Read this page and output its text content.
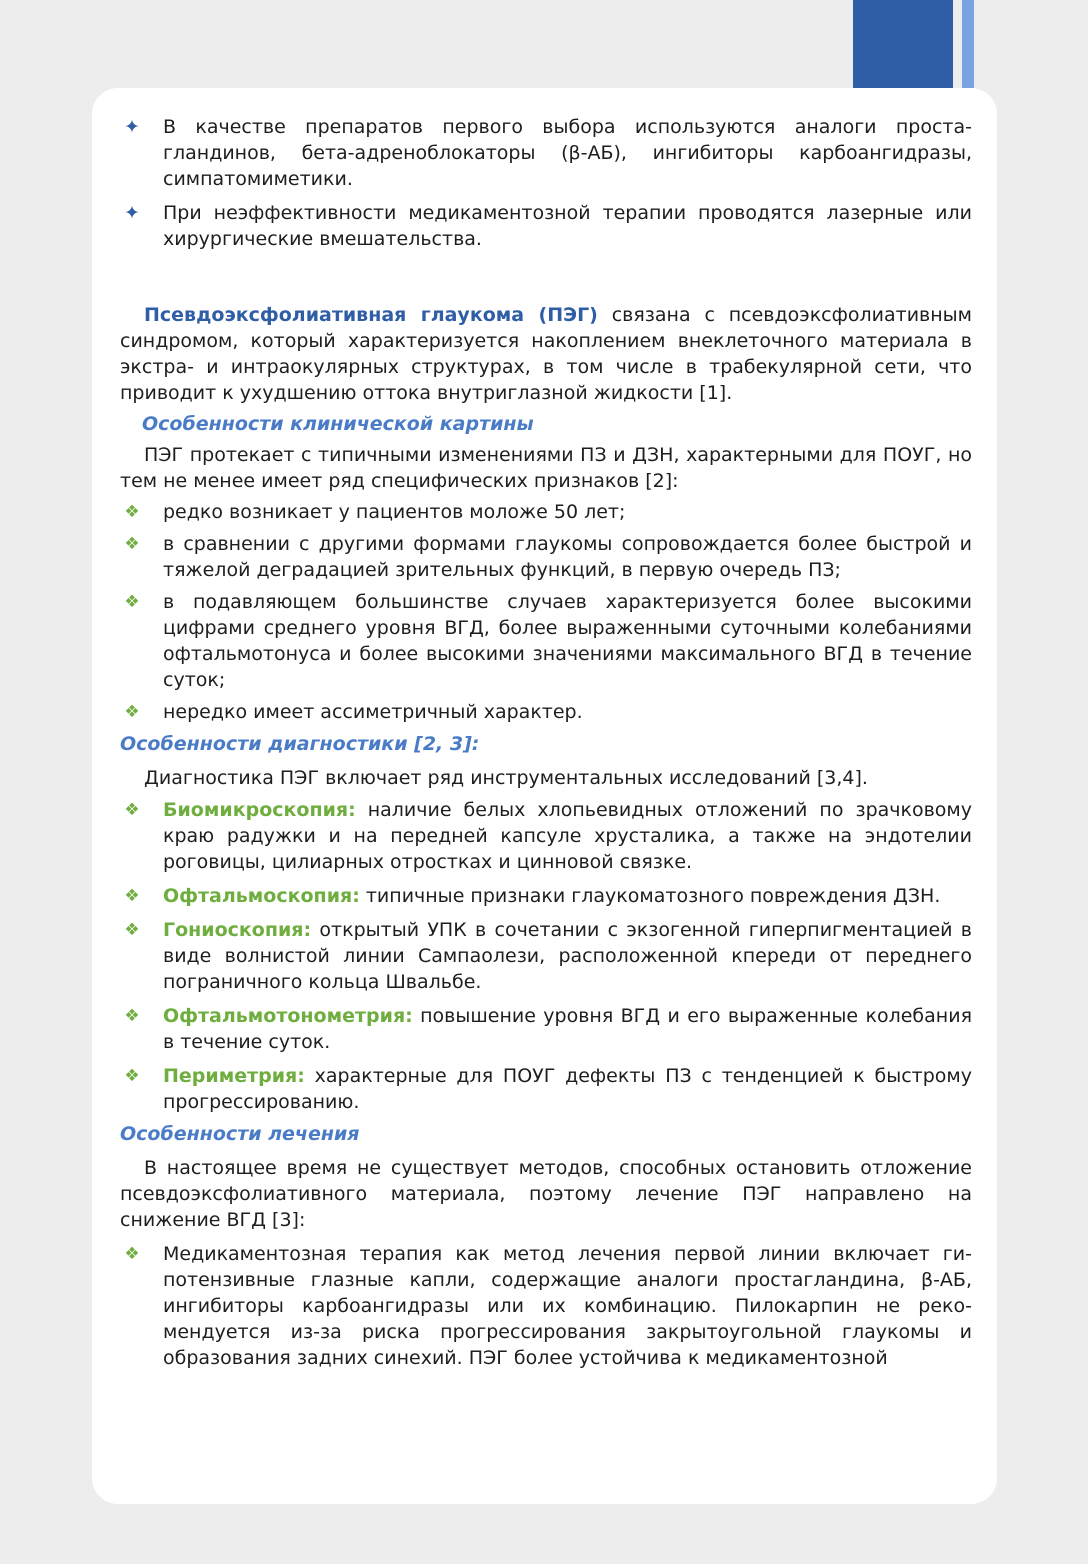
✦ В качестве препаратов первого выбора используются аналоги простагландинов, бета-адреноблокаторы (β-АБ), ингибиторы карбоангидразы, симпатомиметики.
✦ При неэффективности медикаментозной терапии проводятся лазерные или хирургические вмешательства.

Псевдоэксфолиативная глаукома (ПЭГ) связана с псевдоэксфолиативным синдромом, который характеризуется накоплением внеклеточного материала в экстра- и интраокулярных структурах, в том числе в трабекулярной сети, что приводит к ухудшению оттока внутриглазной жидкости [1].

Особенности клинической картины

ПЭГ протекает с типичными изменениями ПЗ и ДЗН, характерными для ПОУГ, но тем не менее имеет ряд специфических признаков [2]:

❖ редко возникает у пациентов моложе 50 лет;
❖ в сравнении с другими формами глаукомы сопровождается более быстрой и тяжелой деградацией зрительных функций, в первую очередь ПЗ;
❖ в подавляющем большинстве случаев характеризуется более высокими цифрами среднего уровня ВГД, более выраженными суточными колебаниями офтальмотонуса и более высокими значениями максимального ВГД в течение суток;
❖ нередко имеет ассиметричный характер.
Особенности диагностики [2, 3]:

Диагностика ПЭГ включает ряд инструментальных исследований [3,4].

❖ Биомикроскопия: наличие белых хлопьевидных отложений по зрачковому краю радужки и на передней капсуле хрусталика, а также на эндотелии роговицы, цилиарных отростках и цинновой связке.
❖ Офтальмоскопия: типичные признаки глаукоматозного повреждения ДЗН.
❖ Гониоскопия: открытый УПК в сочетании с экзогенной гиперпигментацией в виде волнистой линии Сампаолези, расположенной кпереди от переднего пограничного кольца Швальбе.
❖ Офтальмотонометрия: повышение уровня ВГД и его выраженные колебания в течение суток.
❖ Периметрия: характерные для ПОУГ дефекты ПЗ с тенденцией к быстрому прогрессированию.
Особенности лечения

В настоящее время не существует методов, способных остановить отложение псевдоэксфолиативного материала, поэтому лечение ПЭГ направлено на снижение ВГД [3]:

❖ Медикаментозная терапия как метод лечения первой линии включает гипотензивные глазные капли, содержащие аналоги простагландина, β-АБ, ингибиторы карбоангидразы или их комбинацию. Пилокарпин не рекомендуется из-за риска прогрессирования закрытоугольной глаукомы и образования задних синехий. ПЭГ более устойчива к медикаментозной
